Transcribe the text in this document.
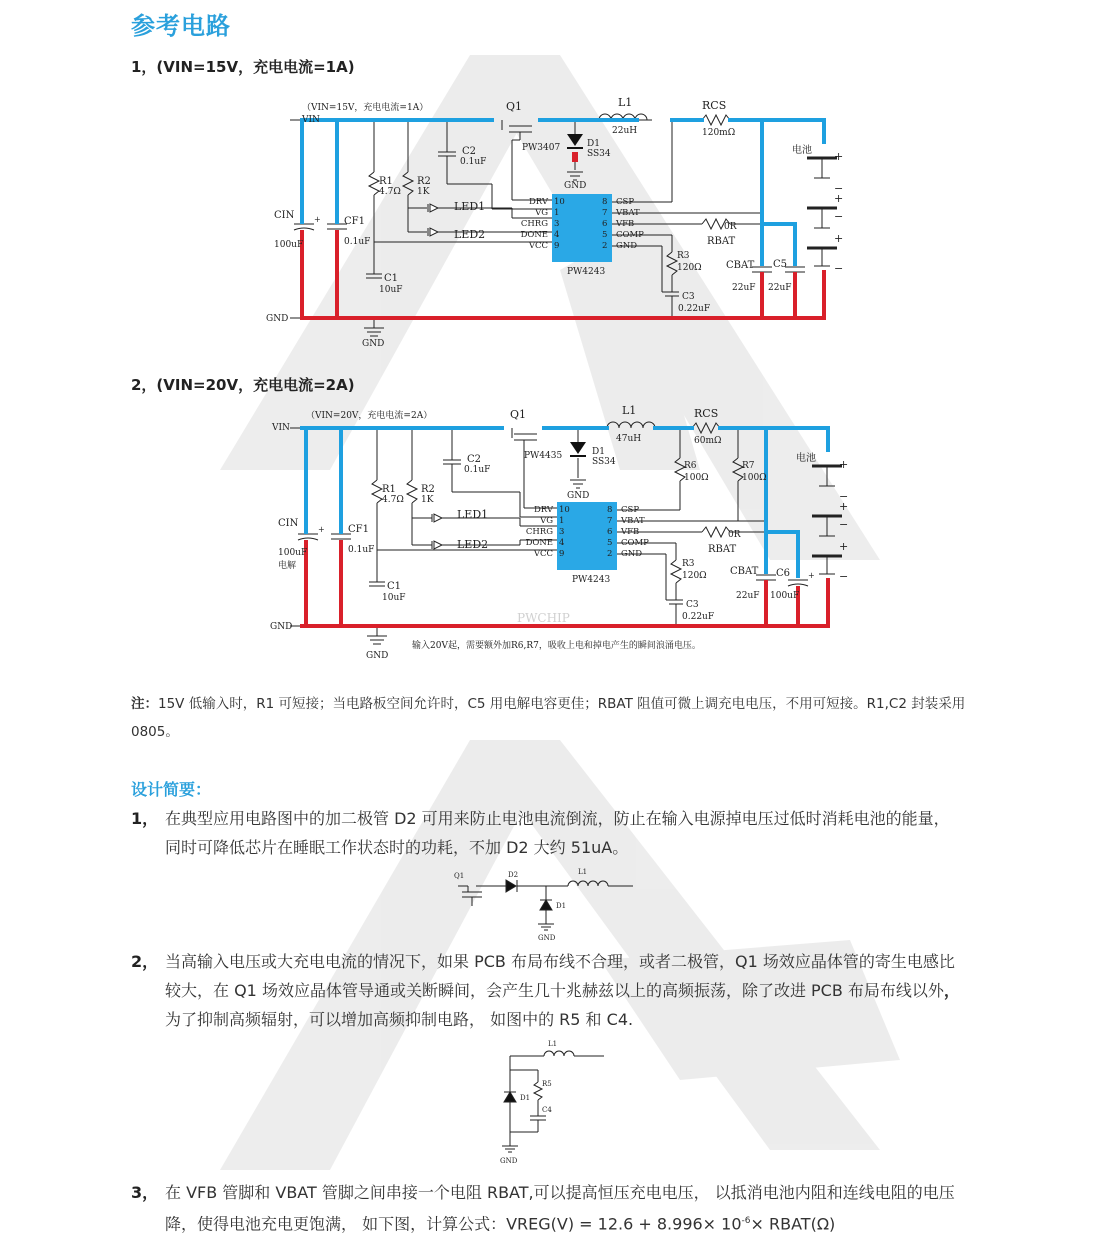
参考电路
1，(VIN=15V，充电电流=1A)
VIN
GND
（VIN=15V，充电电流=1A）	Q1
PW3407
L1
22uH
RCS
120mΩ
D1
SS34
GND
C2
0.1uF
R1
4.7Ω
R2
1K
CIN
100uF
+ CF1
0.1uF
C1
10uF
LED1
LED2
R3
120Ω
C3
0.22uF
CBAT
22uF
C5
22uF
0R
RBAT
电池 +
−
+
−
+
−
GND
PW4243
DRV 10
VG 1
CHRG 3
DONE 4
VCC 9
8 CSP
7 VBAT
6 VFB
5 COMP
2 GND
2，(VIN=20V，充电电流=2A)
VIN
GND
（VIN=20V，充电电流=2A）	Q1
PW4435
L1
47uH
RCS
60mΩ
D1
SS34
GND
C2
0.1uF
R1
4.7Ω
R2
1K
R6
100Ω
R7
100Ω
CIN
100uF
电解
+ CF1
0.1uF
C1
10uF
LED1
LED2
R3
120Ω
C3
0.22uF
CBAT
22uF
C6
100uF
+
0R
RBAT
电池 +
−
+
−
+
−
GND
PW4243
PWCHIP
输入20V起，需要额外加R6,R7，吸收上电和掉电产生的瞬间浪涌电压。
DRV 10
VG 1
CHRG 3
DONE 4
VCC 9
8 CSP
7 VBAT
6 VFB
5 COMP
2 GND
注：15V 低输入时，R1 可短接；当电路板空间允许时，C5 用电解电容更佳；RBAT 阻值可微上调充电电压，不用可短接。R1,C2 封装采用 0805。
设计简要：
1， 在典型应用电路图中的加二极管 D2 可用来防止电池电流倒流，防止在输入电源掉电压过低时消耗电池的能量，同时可降低芯片在睡眠工作状态时的功耗，不加 D2 大约 51uA。
Q1	D2	L1
D1
GND
2， 当高输入电压或大充电电流的情况下，如果 PCB 布局布线不合理，或者二极管，Q1 场效应晶体管的寄生电感比较大，在 Q1 场效应晶体管导通或关断瞬间，会产生几十兆赫兹以上的高频振荡，除了改进 PCB 布局布线以外，为了抑制高频辐射，可以增加高频抑制电路， 如图中的 R5 和 C4.
L1
R5
D1
C4
GND
3， 在 VFB 管脚和 VBAT 管脚之间串接一个电阻 RBAT,可以提高恒压充电电压， 以抵消电池内阻和连线电阻的电压降，使得电池充电更饱满， 如下图，计算公式：VREG(V) = $12.6 + 8.996\times 10^{-6}\times$ RBAT(Ω)
